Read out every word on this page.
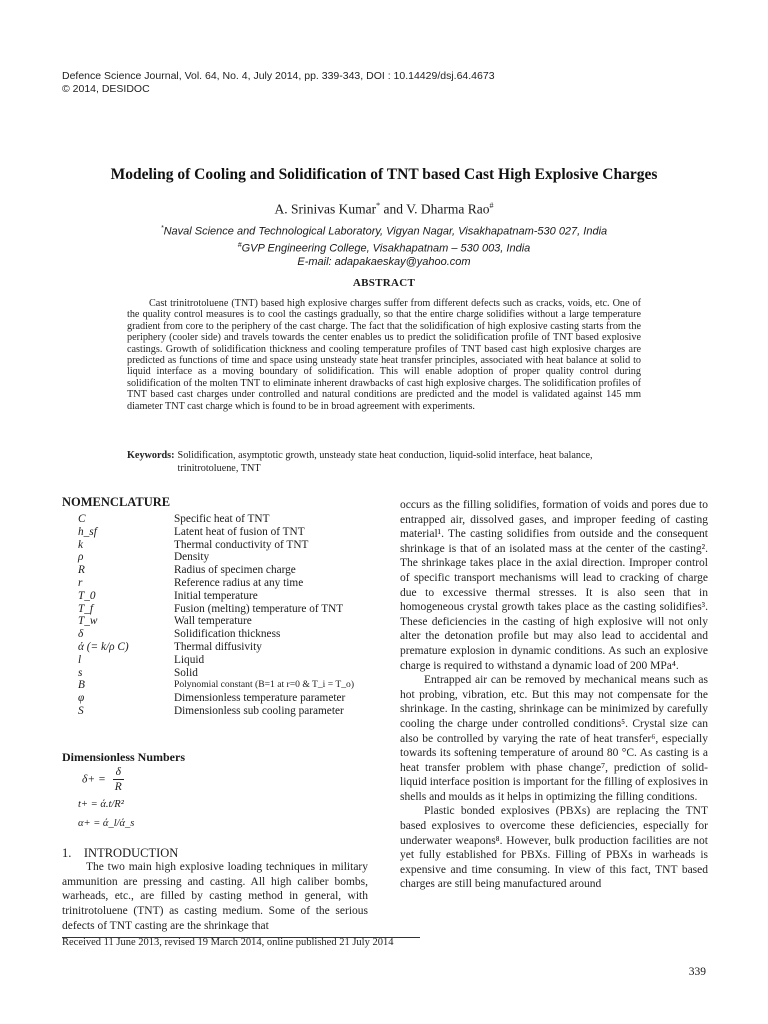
Defence Science Journal, Vol. 64, No. 4, July 2014, pp. 339-343, DOI : 10.14429/dsj.64.4673
© 2014, DESIDOC
Modeling of Cooling and Solidification of TNT based Cast High Explosive Charges
A. Srinivas Kumar* and V. Dharma Rao#
*Naval Science and Technological Laboratory, Vigyan Nagar, Visakhapatnam-530 027, India
#GVP Engineering College, Visakhapatnam – 530 003, India
E-mail: adapakaeskay@yahoo.com
ABSTRACT
Cast trinitrotoluene (TNT) based high explosive charges suffer from different defects such as cracks, voids, etc. One of the quality control measures is to cool the castings gradually, so that the entire charge solidifies without a large temperature gradient from core to the periphery of the cast charge. The fact that the solidification of high explosive casting starts from the periphery (cooler side) and travels towards the center enables us to predict the solidification profile of TNT based explosive castings. Growth of solidification thickness and cooling temperature profiles of TNT based cast high explosive charges are predicted as functions of time and space using unsteady state heat transfer principles, associated with heat balance at solid to liquid interface as a moving boundary of solidification. This will enable adoption of proper quality control during solidification of the molten TNT to eliminate inherent drawbacks of cast high explosive charges. The solidification profiles of TNT based cast charges under controlled and natural conditions are predicted and the model is validated against 145 mm diameter TNT cast charge which is found to be in broad agreement with experiments.
Keywords: Solidification, asymptotic growth, unsteady state heat conduction, liquid-solid interface, heat balance, trinitrotoluene, TNT
NOMENCLATURE
C	Specific heat of TNT
h_sf	Latent heat of fusion of TNT
k	Thermal conductivity of TNT
ρ	Density
R	Radius of specimen charge
r	Reference radius at any time
T_0	Initial temperature
T_f	Fusion (melting) temperature of TNT
T_w	Wall temperature
δ	Solidification thickness
ά (= k/ρ C)	Thermal diffusivity
l	Liquid
s	Solid
B	Polynomial constant (B=1 at r=0 & T_i = T_o)
φ	Dimensionless temperature parameter
S	Dimensionless sub cooling parameter
Dimensionless Numbers
$\delta+ = \frac{\delta}{R}$
t+ = ά.t/R²
α+ = ά_l/ά_s
1.    INTRODUCTION

The two main high explosive loading techniques in military ammunition are pressing and casting. All high caliber bombs, warheads, etc., are filled by casting method in general, with trinitrotoluene (TNT) as casting medium. Some of the serious defects of TNT casting are the shrinkage that

occurs as the filling solidifies, formation of voids and pores due to entrapped air, dissolved gases, and improper feeding of casting material¹. The casting solidifies from outside and the consequent shrinkage is that of an isolated mass at the center of the casting². The shrinkage takes place in the axial direction. Improper control of specific transport mechanisms will lead to cracking of charge due to excessive thermal stresses. It is also seen that in homogeneous crystal growth takes place as the casting solidifies³. These deficiencies in the casting of high explosive will not only alter the detonation profile but may also lead to accidental and premature explosion in dynamic conditions. As such an explosive charge is required to withstand a dynamic load of 200 MPa⁴.

Entrapped air can be removed by mechanical means such as hot probing, vibration, etc. But this may not compensate for the shrinkage. In the casting, shrinkage can be minimized by carefully cooling the charge under controlled conditions⁵. Crystal size can also be controlled by varying the rate of heat transfer⁶, especially towards its softening temperature of around 80 °C. As casting is a heat transfer problem with phase change⁷, prediction of solid-liquid interface position is important for the filling of explosives in shells and moulds as it helps in optimizing the filling conditions.

Plastic bonded explosives (PBXs) are replacing the TNT based explosives to overcome these deficiencies, especially for underwater weapons⁸. However, bulk production facilities are not yet fully established for PBXs. Filling of PBXs in warheads is expensive and time consuming. In view of this fact, TNT based charges are still being manufactured around

Received 11 June 2013, revised 19 March 2014, online published 21 July 2014
339
